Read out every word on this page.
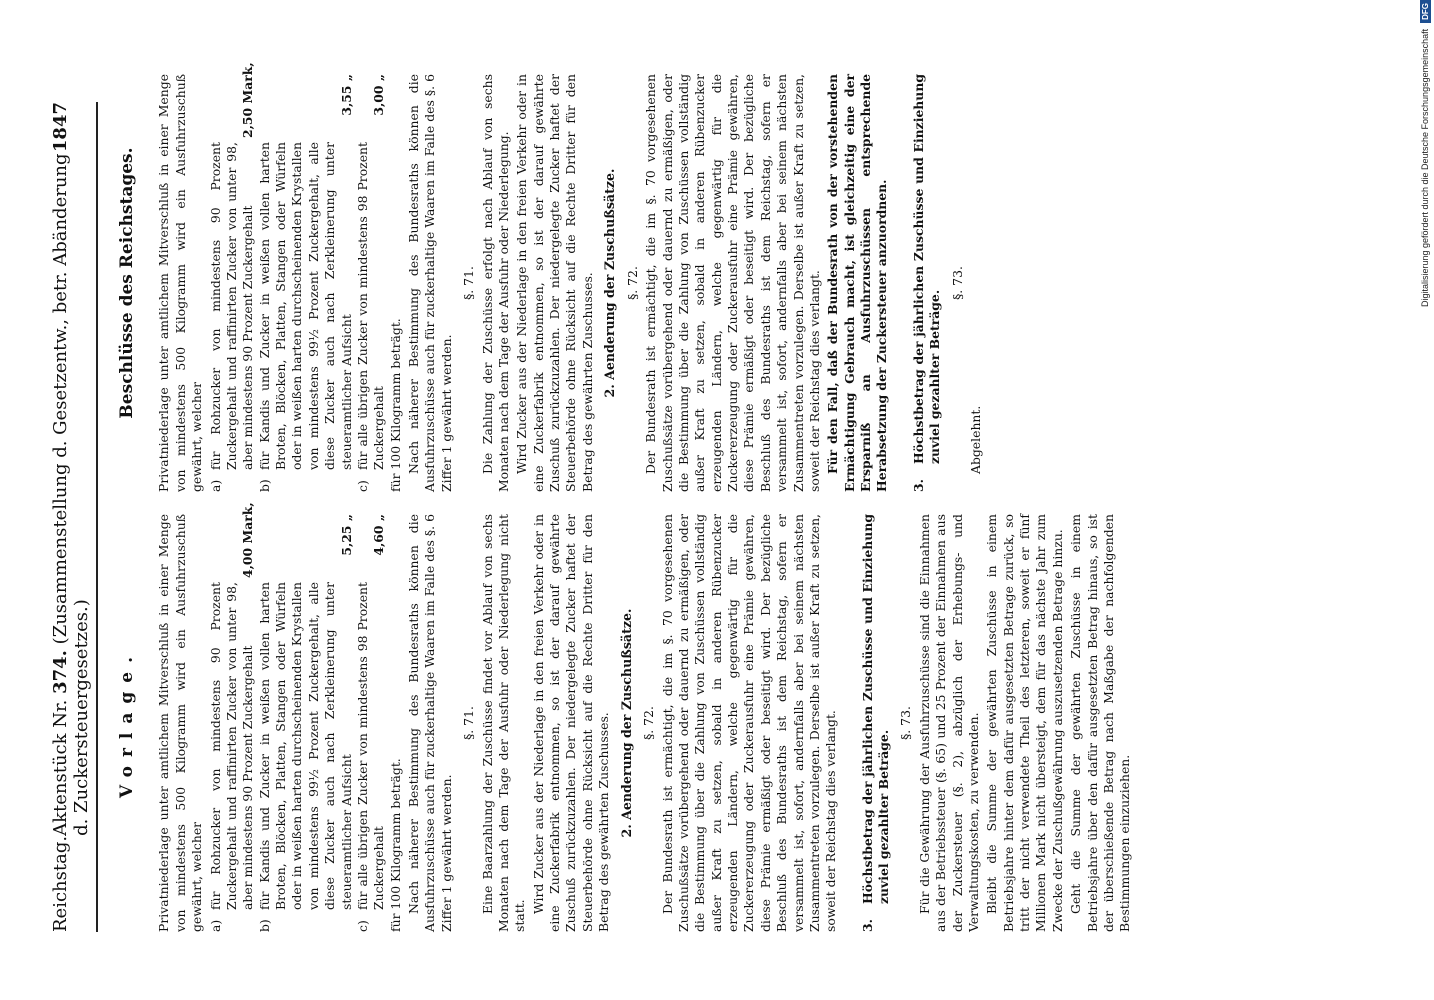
Reichstag.
Aktenstück Nr. 374. (Zusammenstellung d. Gesetzentw., betr. Abänderung d. Zuckersteuergesetzes.)
1847
Vorlage. Privatniederlage unter amtlichem Mitverschluß in einer Menge von mindestens 500 Kilogramm wird ein Ausfuhrzuschuß gewährt, welcher a)
für Rohzucker von mindestens 90 Prozent Zuckergehalt und raffinirten Zucker von unter 98, aber mindestens 90 Prozent Zuckergehalt
4,00 Mark,
b)
für Kandis und Zucker in weißen vollen harten Broten, Blöcken, Platten, Stangen oder Würfeln oder in weißen harten durchscheinenden Krystallen von mindestens 99½ Prozent Zuckergehalt, alle diese Zucker auch nach Zerkleinerung unter steueramtlicher Aufsicht
5,25 „
c)
für alle übrigen Zucker von mindestens 98 Prozent Zuckergehalt
4,60 „

für 100 Kilogramm beträgt. Nach näherer Bestimmung des Bundesraths können die Ausfuhrzuschüsse auch für zuckerhaltige Waaren im Falle des §. 6 Ziffer 1 gewährt werden.

§. 71. Eine Baarzahlung der Zuschüsse findet vor Ablauf von sechs Monaten nach dem Tage der Ausfuhr oder Niederlegung nicht statt.

Wird Zucker aus der Niederlage in den freien Verkehr oder in eine Zuckerfabrik entnommen, so ist der darauf gewährte Zuschuß zurückzuzahlen. Der niedergelegte Zucker haftet der Steuerbehörde ohne Rücksicht auf die Rechte Dritter für den Betrag des gewährten Zuschusses. 2. Aenderung der Zuschußsätze. §. 72. Der Bundesrath ist ermächtigt, die im §. 70 vorgesehenen Zuschußsätze vorübergehend oder dauernd zu ermäßigen, oder die Bestimmung über die Zahlung von Zuschüssen vollständig außer Kraft zu setzen, sobald in anderen Rübenzucker erzeugenden Ländern, welche gegenwärtig für die Zuckererzeugung oder Zuckerausfuhr eine Prämie gewähren, diese Prämie ermäßigt oder beseitigt wird. Der bezügliche Beschluß des Bundesraths ist dem Reichstag, sofern er versammelt ist, sofort, andernfalls aber bei seinem nächsten Zusammentreten vorzulegen. Derselbe ist außer Kraft zu setzen, soweit der Reichstag dies verlangt. 3.
Höchstbetrag der jährlichen Zuschüsse und Einziehung zuviel gezahlter Beträge.
§. 73. Für die Gewährung der Ausfuhrzuschüsse sind die Einnahmen aus der Betriebssteuer (§. 65) und 25 Prozent der Einnahmen aus der Zuckersteuer (§. 2), abzüglich der Erhebungs- und Verwaltungskosten, zu verwenden. Bleibt die Summe der gewährten Zuschüsse in einem Betriebsjahre hinter dem dafür ausgesetzten Betrage zurück, so tritt der nicht verwendete Theil des letzteren, soweit er fünf Millionen Mark nicht übersteigt, dem für das nächste Jahr zum Zwecke der Zuschußgewährung auszusetzenden Betrage hinzu. Geht die Summe der gewährten Zuschüsse in einem Betriebsjahre über den dafür ausgesetzten Betrag hinaus, so ist der überschießende Betrag nach Maßgabe der nachfolgenden Bestimmungen einzuziehen.

Beschlüsse des Reichstages. Privatniederlage unter amtlichem Mitverschluß in einer Menge von mindestens 500 Kilogramm wird ein Ausfuhrzuschuß gewährt, welcher a)
für Rohzucker von mindestens 90 Prozent Zuckergehalt und raffinirten Zucker von unter 98, aber mindestens 90 Prozent Zuckergehalt
2,50 Mark,
b)
für Kandis und Zucker in weißen vollen harten Broten, Blöcken, Platten, Stangen oder Würfeln oder in weißen harten durchscheinenden Krystallen von mindestens 99½ Prozent Zuckergehalt, alle diese Zucker auch nach Zerkleinerung unter steueramtlicher Aufsicht
3,55 „
c)
für alle übrigen Zucker von mindestens 98 Prozent Zuckergehalt
3,00 „

für 100 Kilogramm beträgt. Nach näherer Bestimmung des Bundesraths können die Ausfuhrzuschüsse auch für zuckerhaltige Waaren im Falle des §. 6 Ziffer 1 gewährt werden.

§. 71. Die Zahlung der Zuschüsse erfolgt nach Ablauf von sechs Monaten nach dem Tage der Ausfuhr oder Niederlegung. Wird Zucker aus der Niederlage in den freien Verkehr oder in eine Zuckerfabrik entnommen, so ist der darauf gewährte Zuschuß zurückzuzahlen. Der niedergelegte Zucker haftet der Steuerbehörde ohne Rücksicht auf die Rechte Dritter für den Betrag des gewährten Zuschusses. 2. Aenderung der Zuschußsätze. §. 72. Der Bundesrath ist ermächtigt, die im §. 70 vorgesehenen Zuschußsätze vorübergehend oder dauernd zu ermäßigen, oder die Bestimmung über die Zahlung von Zuschüssen vollständig außer Kraft zu setzen, sobald in anderen Rübenzucker erzeugenden Ländern, welche gegenwärtig für die Zuckererzeugung oder Zuckerausfuhr eine Prämie gewähren, diese Prämie ermäßigt oder beseitigt wird. Der bezügliche Beschluß des Bundesraths ist dem Reichstag, sofern er versammelt ist, sofort, andernfalls aber bei seinem nächsten Zusammentreten vorzulegen. Derselbe ist außer Kraft zu setzen, soweit der Reichstag dies verlangt. Für den Fall, daß der Bundesrath von der vorstehenden Ermächtigung Gebrauch macht, ist gleichzeitig eine der Ersparniß an Ausfuhrzuschüssen entsprechende Herabsetzung der Zuckersteuer anzuordnen. 3.
Höchstbetrag der jährlichen Zuschüsse und Einziehung zuviel gezahlter Beträge.
§. 73.

Abgelehnt.

Digitalisierung gefördert durch die Deutsche Forschungsgemeinschaft
DFG
